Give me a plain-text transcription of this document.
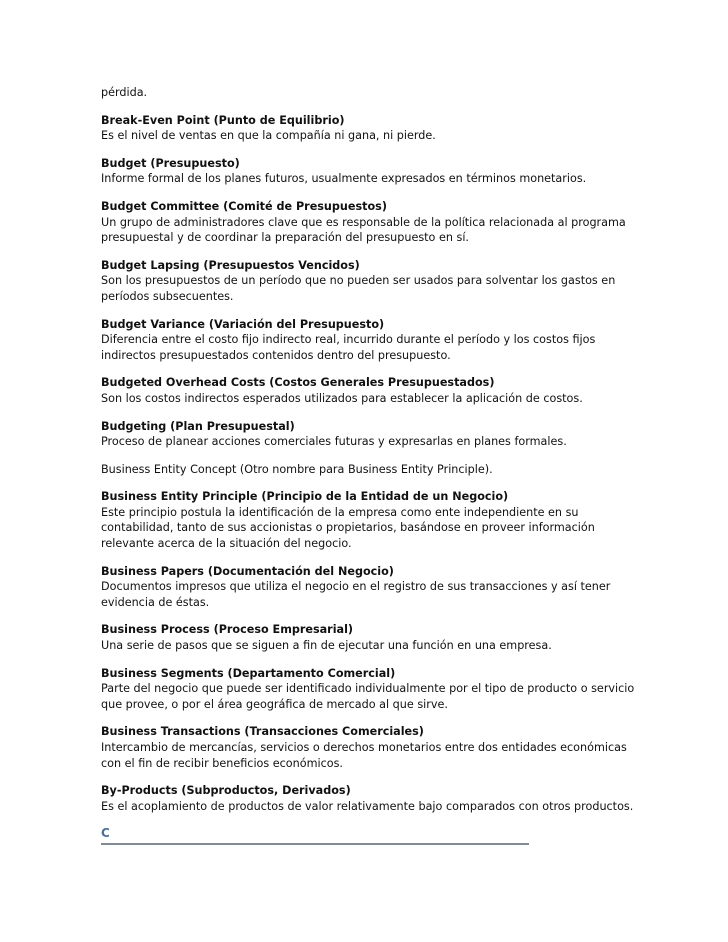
pérdida.
Break-Even Point (Punto de Equilibrio)
Es el nivel de ventas en que la compañía ni gana, ni pierde.
Budget (Presupuesto)
Informe formal de los planes futuros, usualmente expresados en términos monetarios.
Budget Committee (Comité de Presupuestos)
Un grupo de administradores clave que es responsable de la política relacionada al programa presupuestal y de coordinar la preparación del presupuesto en sí.
Budget Lapsing (Presupuestos Vencidos)
Son los presupuestos de un período que no pueden ser usados para solventar los gastos en períodos subsecuentes.
Budget Variance (Variación del Presupuesto)
Diferencia entre el costo fijo indirecto real, incurrido durante el período y los costos fijos indirectos presupuestados contenidos dentro del presupuesto.
Budgeted Overhead Costs (Costos Generales Presupuestados)
Son los costos indirectos esperados utilizados para establecer la aplicación de costos.
Budgeting (Plan Presupuestal)
Proceso de planear acciones comerciales futuras y expresarlas en planes formales.
Business Entity Concept (Otro nombre para Business Entity Principle).
Business Entity Principle (Principio de la Entidad de un Negocio)
Este principio postula la identificación de la empresa como ente independiente en su contabilidad, tanto de sus accionistas o propietarios, basándose en proveer información relevante acerca de la situación del negocio.
Business Papers (Documentación del Negocio)
Documentos impresos que utiliza el negocio en el registro de sus transacciones y así tener evidencia de éstas.
Business Process (Proceso Empresarial)
Una serie de pasos que se siguen a fin de ejecutar una función en una empresa.
Business Segments (Departamento Comercial)
Parte del negocio que puede ser identificado individualmente por el tipo de producto o servicio que provee, o por el área geográfica de mercado al que sirve.
Business Transactions (Transacciones Comerciales)
Intercambio de mercancías, servicios o derechos monetarios entre dos entidades económicas con el fin de recibir beneficios económicos.
By-Products (Subproductos, Derivados)
Es el acoplamiento de productos de valor relativamente bajo comparados con otros productos.
C
